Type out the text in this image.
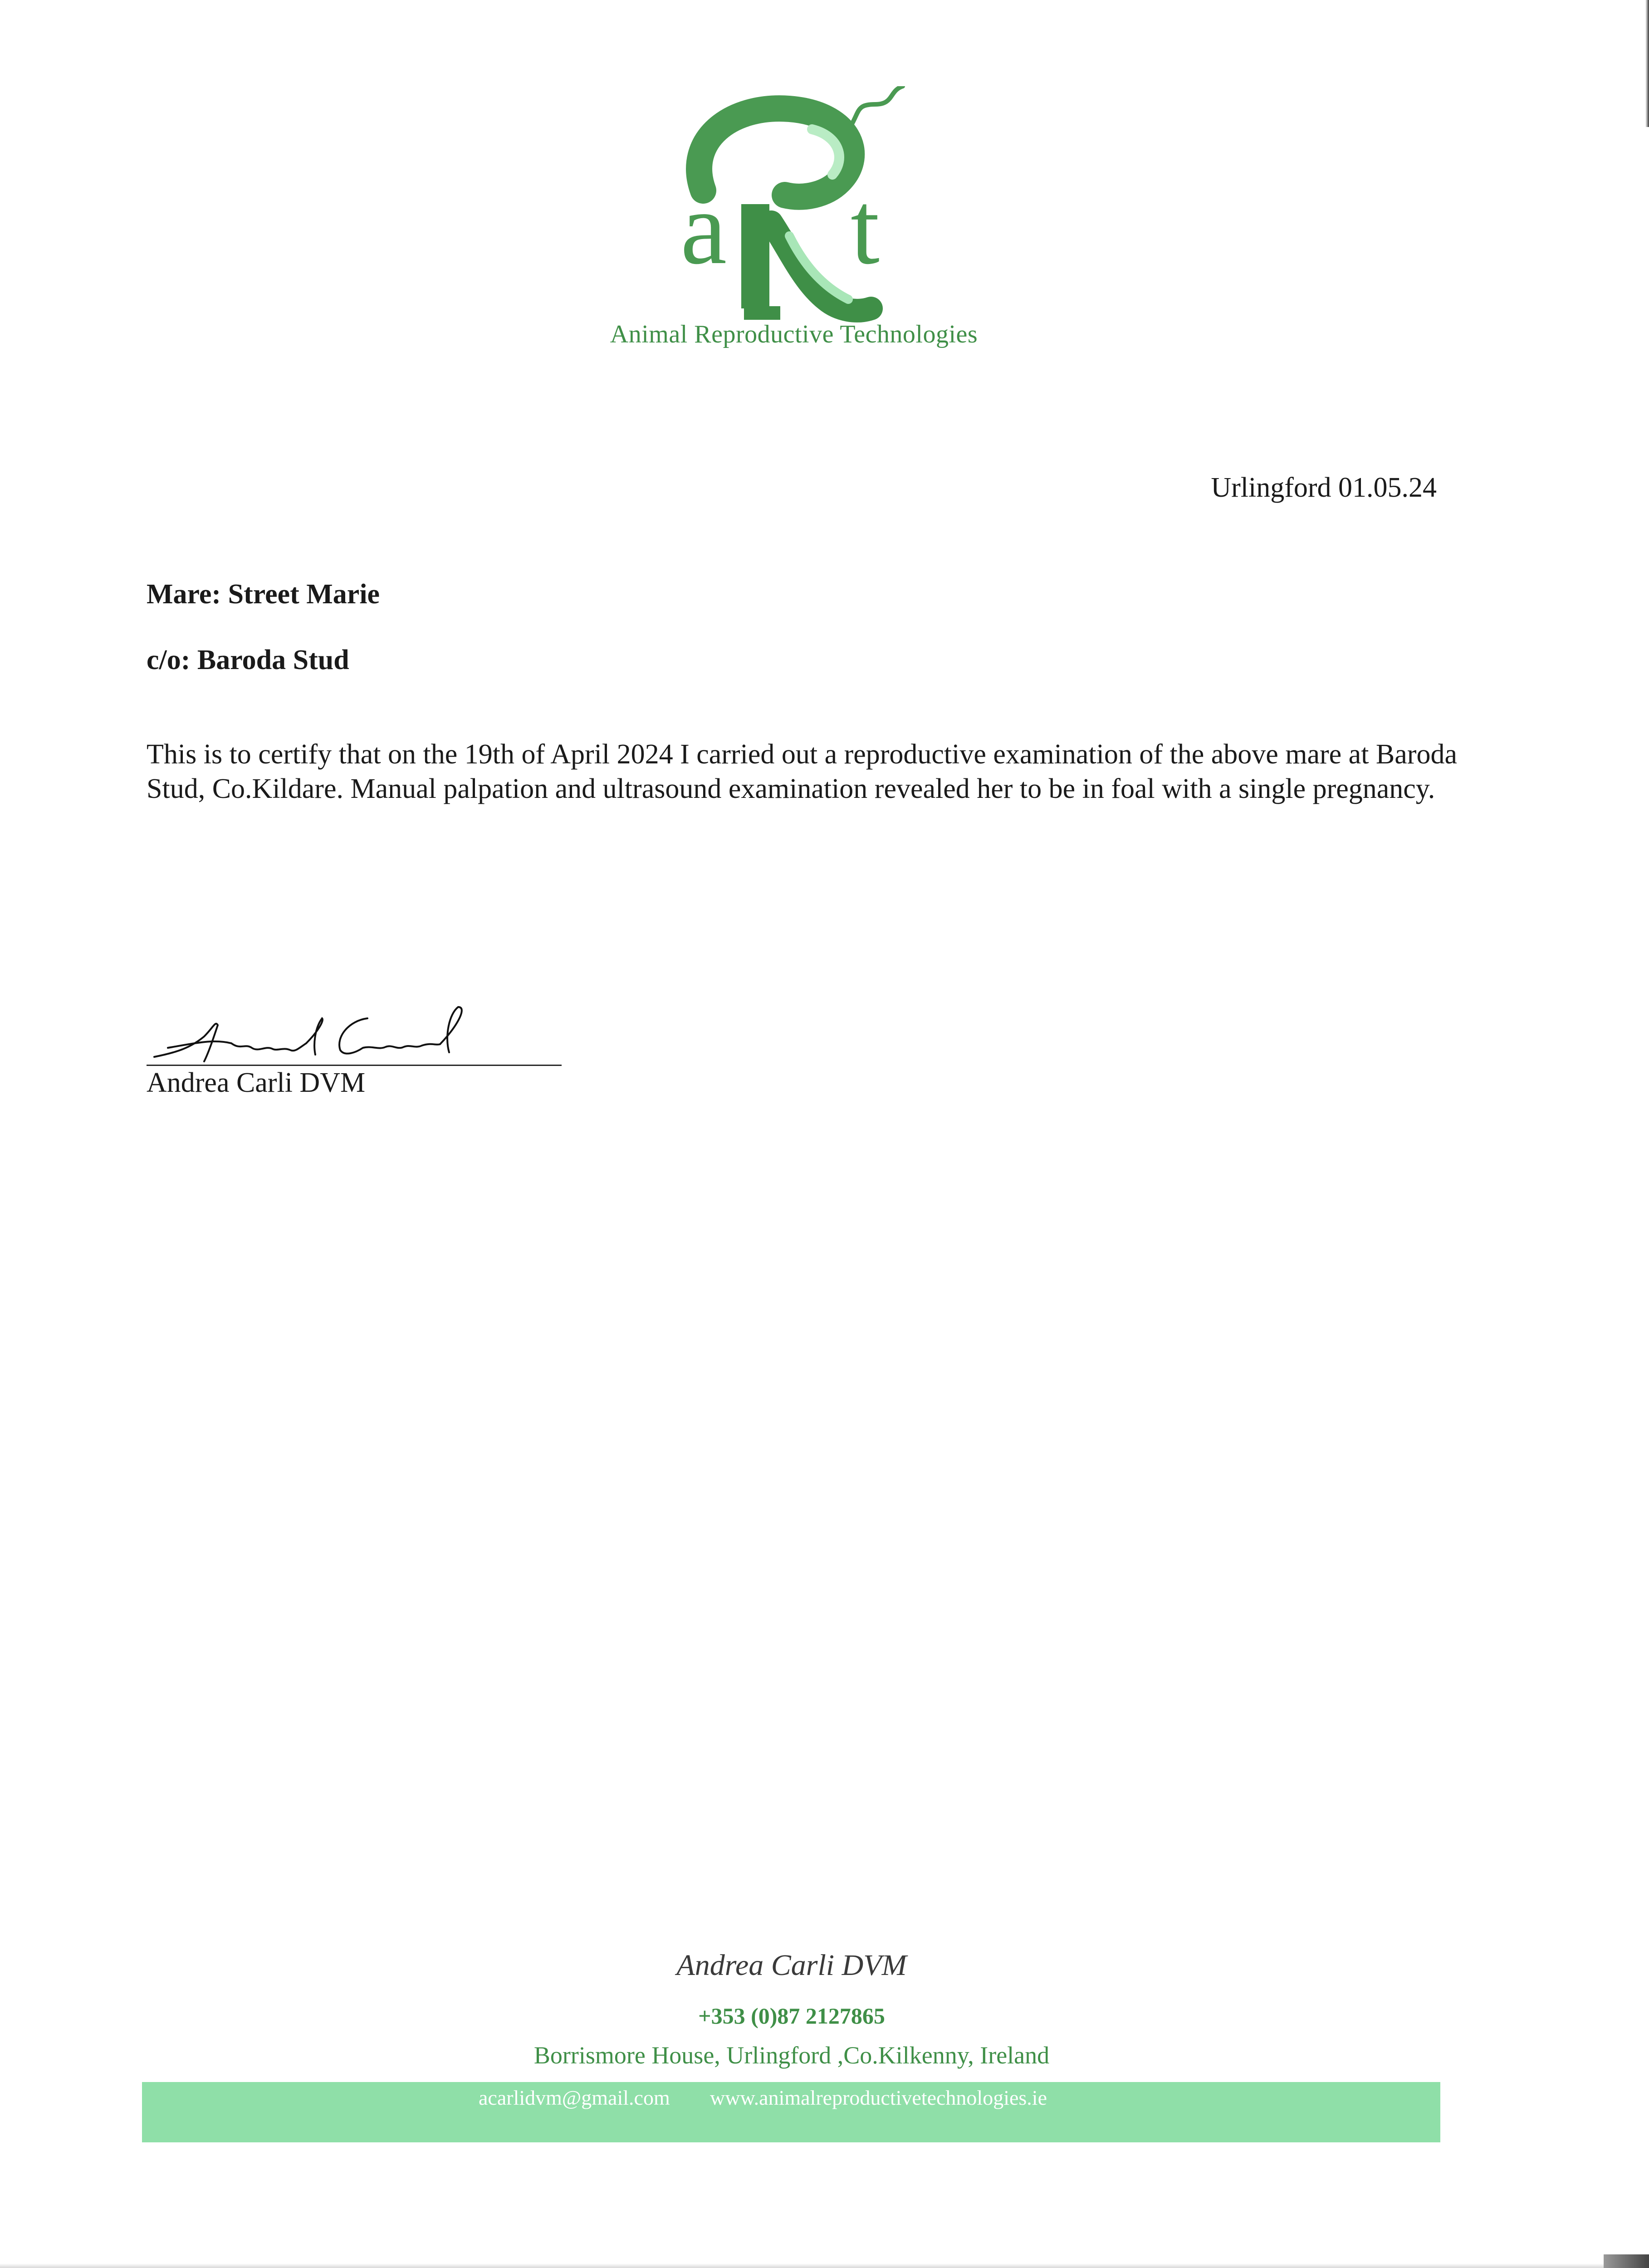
a t
Animal Reproductive Technologies
Urlingford 01.05.24
Mare: Street Marie
c/o: Baroda Stud
This is to certify that on the 19th of April 2024 I carried out a reproductive examination of the above mare at Baroda Stud, Co.Kildare. Manual palpation and ultrasound examination revealed her to be in foal with a single pregnancy.
Andrea Carli DVM
Andrea Carli DVM
+353 (0)87 2127865
Borrismore House, Urlingford ,Co.Kilkenny, Ireland
acarlidvm@gmail.com www.animalreproductivetechnologies.ie
